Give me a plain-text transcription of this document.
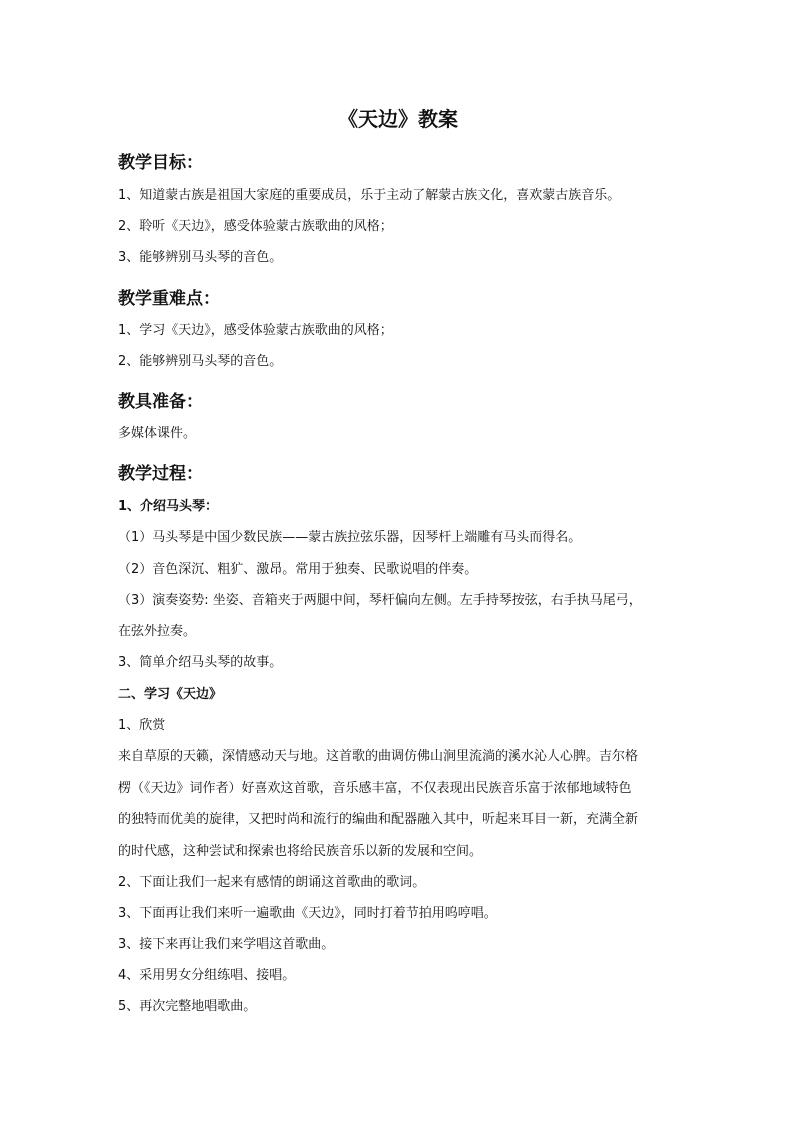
《天边》教案
教学目标：
1、知道蒙古族是祖国大家庭的重要成员，乐于主动了解蒙古族文化，喜欢蒙古族音乐。
2、聆听《天边》，感受体验蒙古族歌曲的风格；
3、能够辨别马头琴的音色。
教学重难点：
1、学习《天边》，感受体验蒙古族歌曲的风格；
2、能够辨别马头琴的音色。
教具准备：
多媒体课件。
教学过程：
1、介绍马头琴：
（1）马头琴是中国少数民族——蒙古族拉弦乐器，因琴杆上端雕有马头而得名。
（2）音色深沉、粗犷、激昂。常用于独奏、民歌说唱的伴奏。
（3）演奏姿势: 坐姿、音箱夹于两腿中间，琴杆偏向左侧。左手持琴按弦，右手执马尾弓，
在弦外拉奏。
3、简单介绍马头琴的故事。
二、学习《天边》
1、欣赏
来自草原的天籁，深情感动天与地。这首歌的曲调仿佛山涧里流淌的溪水沁人心脾。吉尔格
楞（《天边》词作者）好喜欢这首歌，音乐感丰富，不仅表现出民族音乐富于浓郁地域特色
的独特而优美的旋律，又把时尚和流行的编曲和配器融入其中，听起来耳目一新，充满全新
的时代感，这种尝试和探索也将给民族音乐以新的发展和空间。
2、下面让我们一起来有感情的朗诵这首歌曲的歌词。
3、下面再让我们来听一遍歌曲《天边》，同时打着节拍用呜哼唱。
3、接下来再让我们来学唱这首歌曲。
4、采用男女分组练唱、接唱。
5、再次完整地唱歌曲。
